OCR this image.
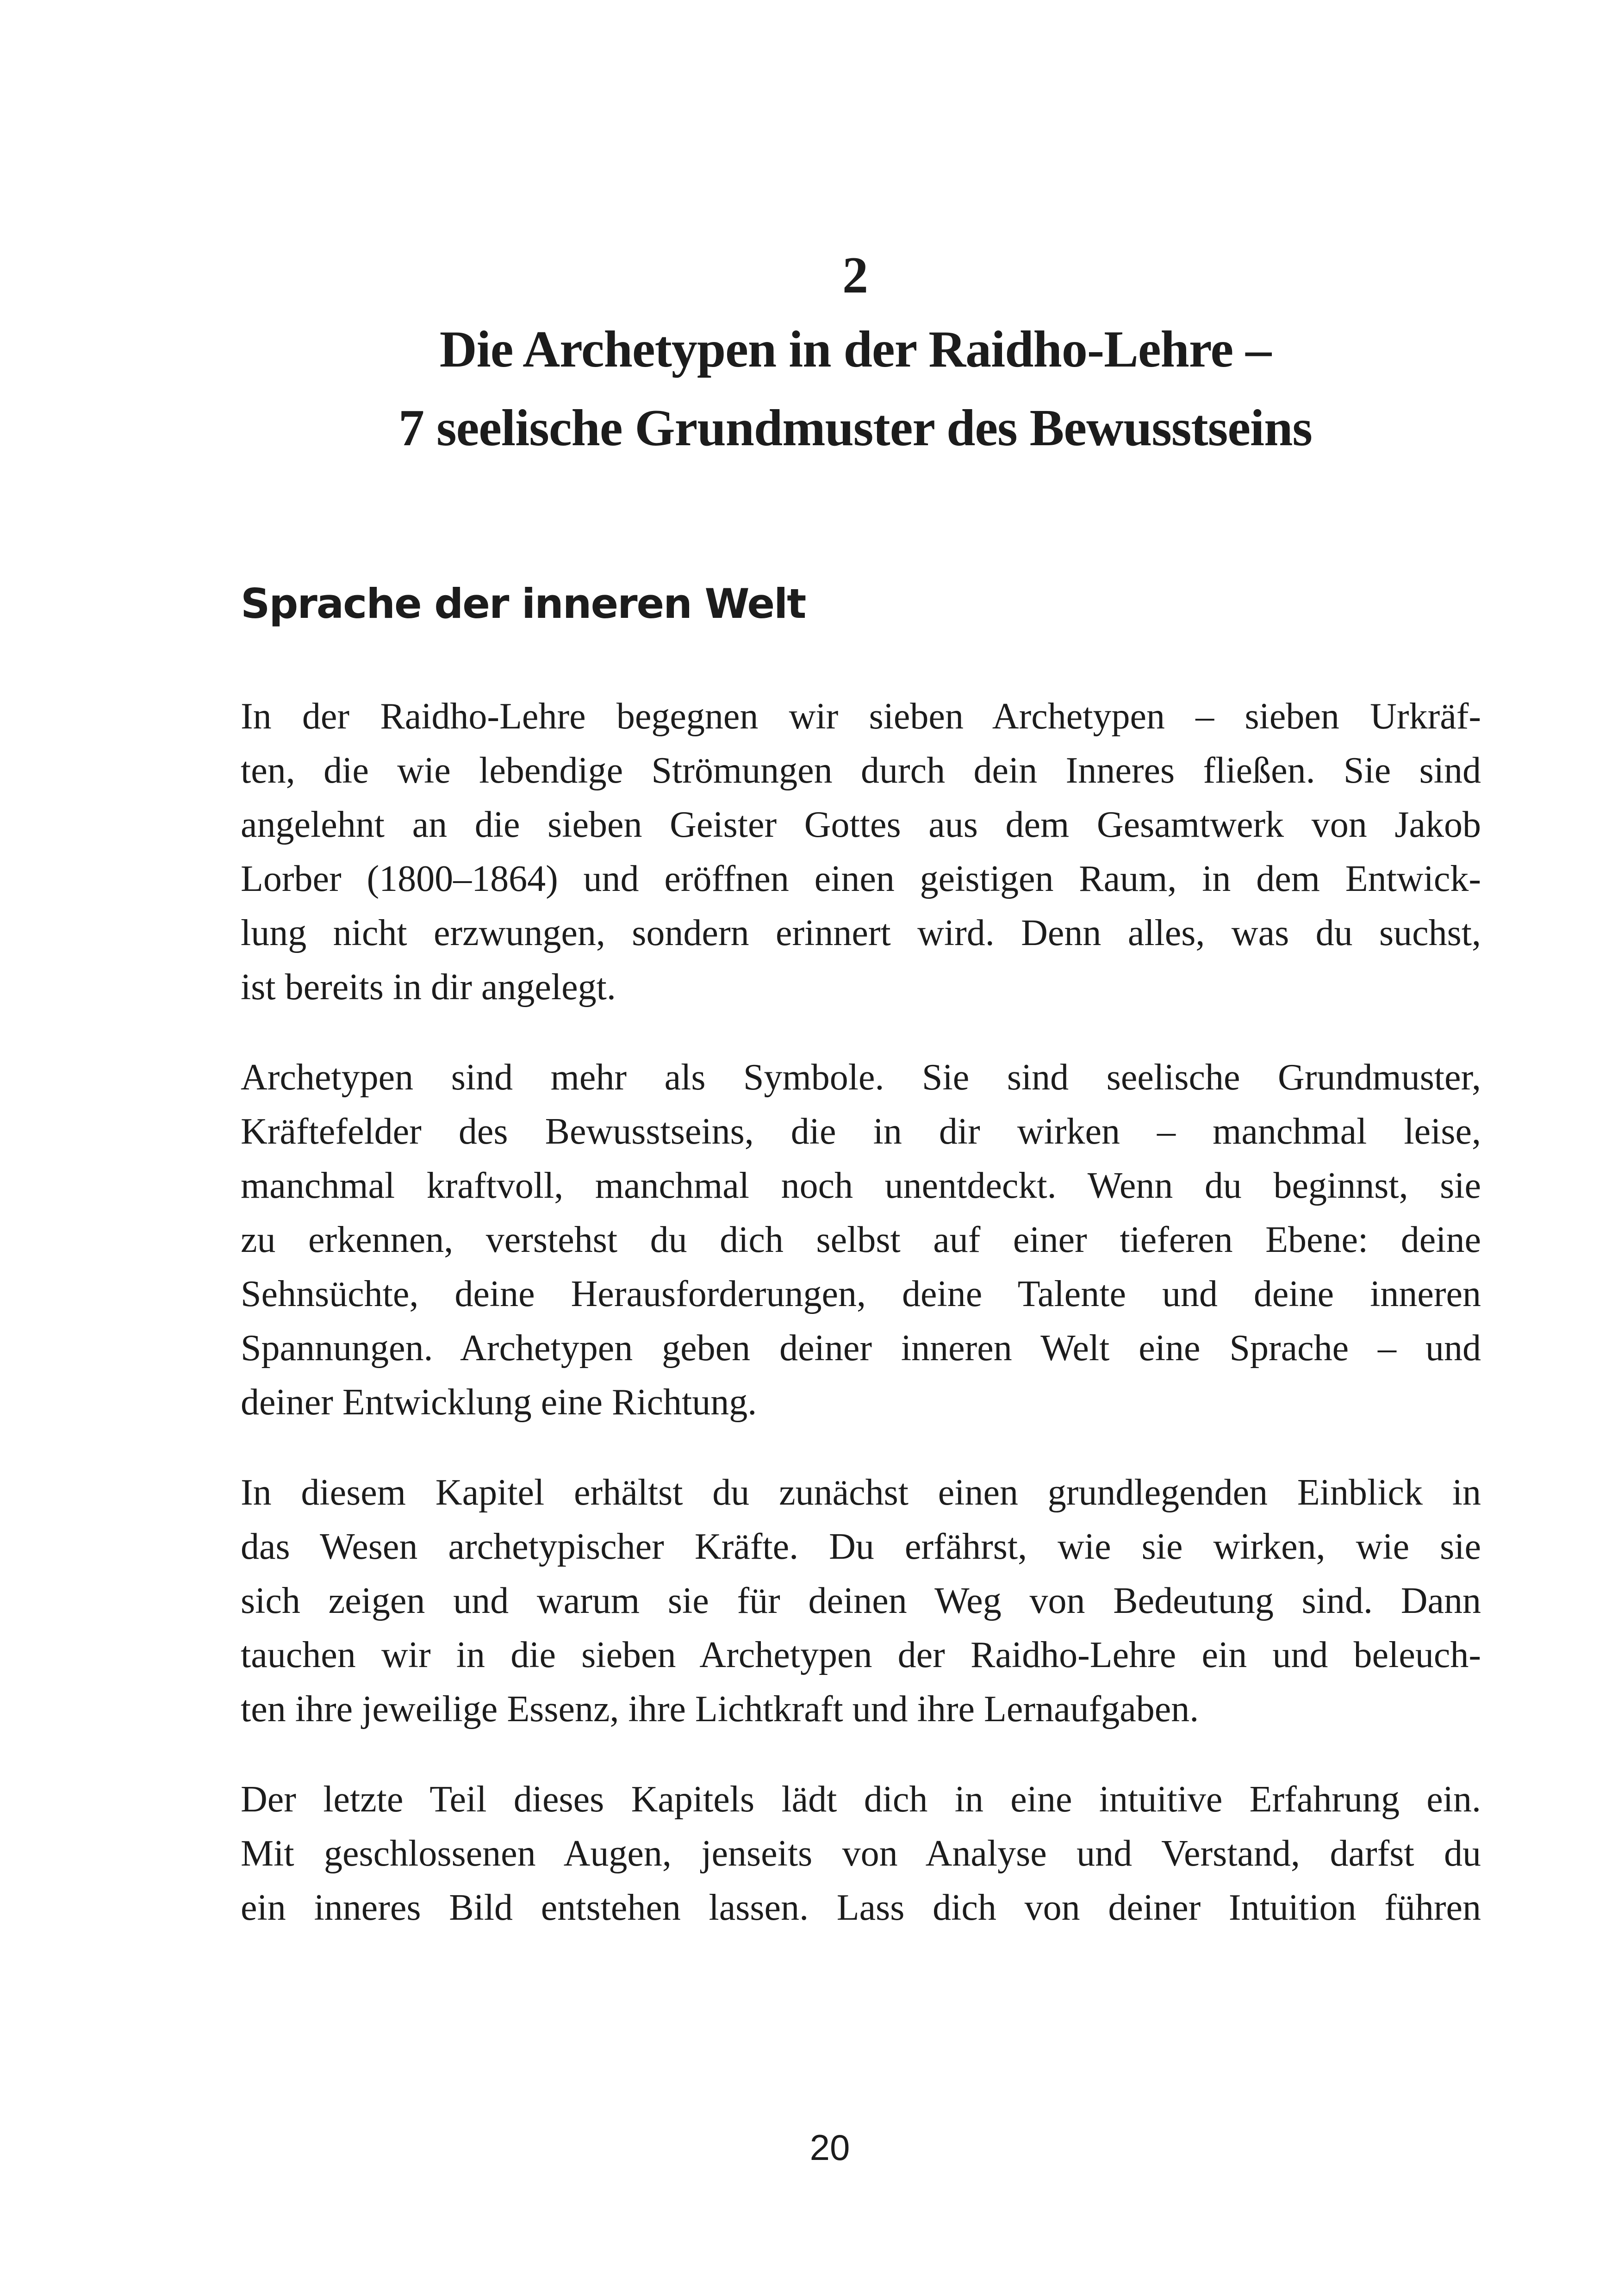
2
Die Archetypen in der Raidho-Lehre –
7 seelische Grundmuster des Bewusstseins
Sprache der inneren Welt

In der Raidho-Lehre begegnen wir sieben Archetypen – sieben Urkräf-
ten, die wie lebendige Strömungen durch dein Inneres fließen. Sie sind
angelehnt an die sieben Geister Gottes aus dem Gesamtwerk von Jakob
Lorber (1800–1864) und eröffnen einen geistigen Raum, in dem Entwick-
lung nicht erzwungen, sondern erinnert wird. Denn alles, was du suchst,
ist bereits in dir angelegt.

Archetypen sind mehr als Symbole. Sie sind seelische Grundmuster,
Kräftefelder des Bewusstseins, die in dir wirken – manchmal leise,
manchmal kraftvoll, manchmal noch unentdeckt. Wenn du beginnst, sie
zu erkennen, verstehst du dich selbst auf einer tieferen Ebene: deine
Sehnsüchte, deine Herausforderungen, deine Talente und deine inneren
Spannungen. Archetypen geben deiner inneren Welt eine Sprache – und
deiner Entwicklung eine Richtung.

In diesem Kapitel erhältst du zunächst einen grundlegenden Einblick in
das Wesen archetypischer Kräfte. Du erfährst, wie sie wirken, wie sie
sich zeigen und warum sie für deinen Weg von Bedeutung sind. Dann
tauchen wir in die sieben Archetypen der Raidho-Lehre ein und beleuch-
ten ihre jeweilige Essenz, ihre Lichtkraft und ihre Lernaufgaben.

Der letzte Teil dieses Kapitels lädt dich in eine intuitive Erfahrung ein.
Mit geschlossenen Augen, jenseits von Analyse und Verstand, darfst du
ein inneres Bild entstehen lassen. Lass dich von deiner Intuition führen

20
